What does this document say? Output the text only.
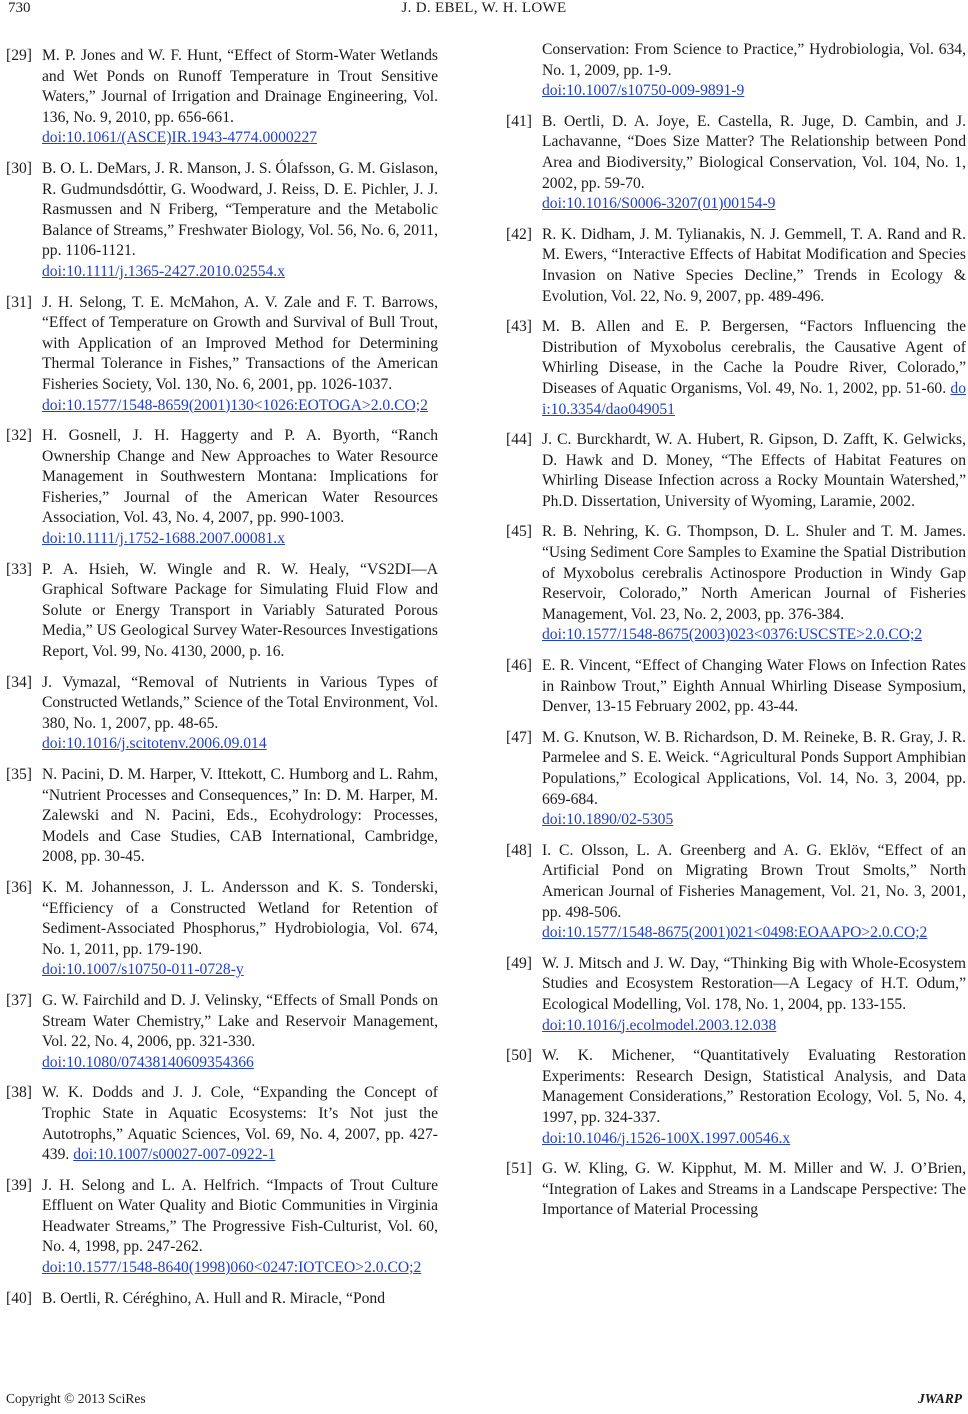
730	J. D. EBEL, W. H. LOWE
[29] M. P. Jones and W. F. Hunt, “Effect of Storm-Water Wetlands and Wet Ponds on Runoff Temperature in Trout Sensitive Waters,” Journal of Irrigation and Drainage Engineering, Vol. 136, No. 9, 2010, pp. 656-661.
doi:10.1061/(ASCE)IR.1943-4774.0000227
[30] B. O. L. DeMars, J. R. Manson, J. S. Ólafsson, G. M. Gislason, R. Gudmundsdóttir, G. Woodward, J. Reiss, D. E. Pichler, J. J. Rasmussen and N Friberg, “Temperature and the Metabolic Balance of Streams,” Freshwater Biology, Vol. 56, No. 6, 2011, pp. 1106-1121.
doi:10.1111/j.1365-2427.2010.02554.x
[31] J. H. Selong, T. E. McMahon, A. V. Zale and F. T. Barrows, “Effect of Temperature on Growth and Survival of Bull Trout, with Application of an Improved Method for Determining Thermal Tolerance in Fishes,” Transactions of the American Fisheries Society, Vol. 130, No. 6, 2001, pp. 1026-1037.
doi:10.1577/1548-8659(2001)130<1026:EOTOGA>2.0.CO;2
[32] H. Gosnell, J. H. Haggerty and P. A. Byorth, “Ranch Ownership Change and New Approaches to Water Resource Management in Southwestern Montana: Implications for Fisheries,” Journal of the American Water Resources Association, Vol. 43, No. 4, 2007, pp. 990-1003.
doi:10.1111/j.1752-1688.2007.00081.x
[33] P. A. Hsieh, W. Wingle and R. W. Healy, “VS2DI—A Graphical Software Package for Simulating Fluid Flow and Solute or Energy Transport in Variably Saturated Porous Media,” US Geological Survey Water-Resources Investigations Report, Vol. 99, No. 4130, 2000, p. 16.
[34] J. Vymazal, “Removal of Nutrients in Various Types of Constructed Wetlands,” Science of the Total Environment, Vol. 380, No. 1, 2007, pp. 48-65.
doi:10.1016/j.scitotenv.2006.09.014
[35] N. Pacini, D. M. Harper, V. Ittekott, C. Humborg and L. Rahm, “Nutrient Processes and Consequences,” In: D. M. Harper, M. Zalewski and N. Pacini, Eds., Ecohydrology: Processes, Models and Case Studies, CAB International, Cambridge, 2008, pp. 30-45.
[36] K. M. Johannesson, J. L. Andersson and K. S. Tonderski, “Efficiency of a Constructed Wetland for Retention of Sediment-Associated Phosphorus,” Hydrobiologia, Vol. 674, No. 1, 2011, pp. 179-190.
doi:10.1007/s10750-011-0728-y
[37] G. W. Fairchild and D. J. Velinsky, “Effects of Small Ponds on Stream Water Chemistry,” Lake and Reservoir Management, Vol. 22, No. 4, 2006, pp. 321-330.
doi:10.1080/07438140609354366
[38] W. K. Dodds and J. J. Cole, “Expanding the Concept of Trophic State in Aquatic Ecosystems: It’s Not just the Autotrophs,” Aquatic Sciences, Vol. 69, No. 4, 2007, pp. 427-439. doi:10.1007/s00027-007-0922-1
[39] J. H. Selong and L. A. Helfrich. “Impacts of Trout Culture Effluent on Water Quality and Biotic Communities in Virginia Headwater Streams,” The Progressive Fish-Culturist, Vol. 60, No. 4, 1998, pp. 247-262.
doi:10.1577/1548-8640(1998)060<0247:IOTCEO>2.0.CO;2
[40] B. Oertli, R. Céréghino, A. Hull and R. Miracle, “Pond
Conservation: From Science to Practice,” Hydrobiologia, Vol. 634, No. 1, 2009, pp. 1-9.
doi:10.1007/s10750-009-9891-9
[41] B. Oertli, D. A. Joye, E. Castella, R. Juge, D. Cambin, and J. Lachavanne, “Does Size Matter? The Relationship between Pond Area and Biodiversity,” Biological Conservation, Vol. 104, No. 1, 2002, pp. 59-70.
doi:10.1016/S0006-3207(01)00154-9
[42] R. K. Didham, J. M. Tylianakis, N. J. Gemmell, T. A. Rand and R. M. Ewers, “Interactive Effects of Habitat Modification and Species Invasion on Native Species Decline,” Trends in Ecology & Evolution, Vol. 22, No. 9, 2007, pp. 489-496.
[43] M. B. Allen and E. P. Bergersen, “Factors Influencing the Distribution of Myxobolus cerebralis, the Causative Agent of Whirling Disease, in the Cache la Poudre River, Colorado,” Diseases of Aquatic Organisms, Vol. 49, No. 1, 2002, pp. 51-60. doi:10.3354/dao049051
[44] J. C. Burckhardt, W. A. Hubert, R. Gipson, D. Zafft, K. Gelwicks, D. Hawk and D. Money, “The Effects of Habitat Features on Whirling Disease Infection across a Rocky Mountain Watershed,” Ph.D. Dissertation, University of Wyoming, Laramie, 2002.
[45] R. B. Nehring, K. G. Thompson, D. L. Shuler and T. M. James. “Using Sediment Core Samples to Examine the Spatial Distribution of Myxobolus cerebralis Actinospore Production in Windy Gap Reservoir, Colorado,” North American Journal of Fisheries Management, Vol. 23, No. 2, 2003, pp. 376-384.
doi:10.1577/1548-8675(2003)023<0376:USCSTE>2.0.CO;2
[46] E. R. Vincent, “Effect of Changing Water Flows on Infection Rates in Rainbow Trout,” Eighth Annual Whirling Disease Symposium, Denver, 13-15 February 2002, pp. 43-44.
[47] M. G. Knutson, W. B. Richardson, D. M. Reineke, B. R. Gray, J. R. Parmelee and S. E. Weick. “Agricultural Ponds Support Amphibian Populations,” Ecological Applications, Vol. 14, No. 3, 2004, pp. 669-684.
doi:10.1890/02-5305
[48] I. C. Olsson, L. A. Greenberg and A. G. Eklöv, “Effect of an Artificial Pond on Migrating Brown Trout Smolts,” North American Journal of Fisheries Management, Vol. 21, No. 3, 2001, pp. 498-506.
doi:10.1577/1548-8675(2001)021<0498:EOAAPO>2.0.CO;2
[49] W. J. Mitsch and J. W. Day, “Thinking Big with Whole-Ecosystem Studies and Ecosystem Restoration—A Legacy of H.T. Odum,” Ecological Modelling, Vol. 178, No. 1, 2004, pp. 133-155.
doi:10.1016/j.ecolmodel.2003.12.038
[50] W. K. Michener, “Quantitatively Evaluating Restoration Experiments: Research Design, Statistical Analysis, and Data Management Considerations,” Restoration Ecology, Vol. 5, No. 4, 1997, pp. 324-337.
doi:10.1046/j.1526-100X.1997.00546.x
[51] G. W. Kling, G. W. Kipphut, M. M. Miller and W. J. O’Brien, “Integration of Lakes and Streams in a Landscape Perspective: The Importance of Material Processing
Copyright © 2013 SciRes	JWARP
